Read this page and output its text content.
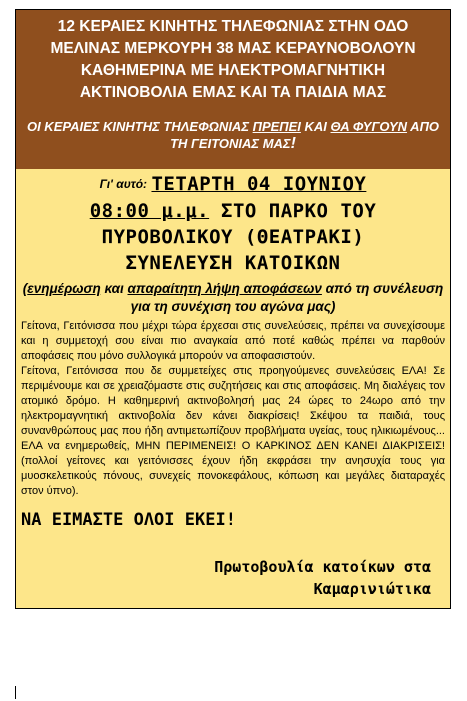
12 ΚΕΡΑΙΕΣ ΚΙΝΗΤΗΣ ΤΗΛΕΦΩΝΙΑΣ ΣΤΗΝ ΟΔΟ
ΜΕΛΙΝΑΣ ΜΕΡΚΟΥΡΗ 38 ΜΑΣ ΚΕΡΑΥΝΟΒΟΛΟΥΝ
ΚΑΘΗΜΕΡΙΝΑ ΜΕ ΗΛΕΚΤΡΟΜΑΓΝΗΤΙΚΗ
ΑΚΤΙΝΟΒΟΛΙΑ ΕΜΑΣ ΚΑΙ ΤΑ ΠΑΙΔΙΑ ΜΑΣ
ΟΙ ΚΕΡΑΙΕΣ ΚΙΝΗΤΗΣ ΤΗΛΕΦΩΝΙΑΣ ΠΡΕΠΕΙ ΚΑΙ ΘΑ ΦΥΓΟΥΝ ΑΠΟ ΤΗ ΓΕΙΤΟΝΙΑΣ ΜΑΣ!
Γι' αυτό: ΤΕΤΑΡΤΗ 04 ΙΟΥΝΙΟΥ
08:00 μ.μ. ΣΤΟ ΠΑΡΚΟ ΤΟΥ
ΠΥΡΟΒΟΛΙΚΟΥ (ΘΕΑΤΡΑΚΙ)
ΣΥΝΕΛΕΥΣΗ ΚΑΤΟΙΚΩΝ
(ενημέρωση και απαραίτητη λήψη αποφάσεων από τη συνέλευση για τη συνέχιση του αγώνα μας)

Γείτονα, Γειτόνισσα που μέχρι τώρα έρχεσαι στις συνελεύσεις, πρέπει να συνεχίσουμε και η συμμετοχή σου είναι πιο αναγκαία από ποτέ καθώς πρέπει να παρθούν αποφάσεις που μόνο συλλογικά μπορούν να αποφασιστούν.

Γείτονα, Γειτόνισσα που δε συμμετείχες στις προηγούμενες συνελεύσεις ΕΛΑ! Σε περιμένουμε και σε χρειαζόμαστε στις συζητήσεις και στις αποφάσεις. Μη διαλέγεις τον ατομικό δρόμο. Η καθημερινή ακτινοβολησή μας 24 ώρες το 24ωρο από την ηλεκτρομαγνητική ακτινοβολία δεν κάνει διακρίσεις! Σκέψου τα παιδιά, τους συνανθρώπους μας που ήδη αντιμετωπίζουν προβλήματα υγείας, τους ηλικιωμένους... ΕΛΑ να ενημερωθείς, ΜΗΝ ΠΕΡΙΜΕΝΕΙΣ! Ο ΚΑΡΚΙΝΟΣ ΔΕΝ ΚΑΝΕΙ ΔΙΑΚΡΙΣΕΙΣ! (πολλοί γείτονες και γειτόνισσες έχουν ήδη εκφράσει την ανησυχία τους για μυοσκελετικούς πόνους, συνεχείς πονοκεφάλους, κόπωση και μεγάλες διαταραχές στον ύπνο).

ΝΑ ΕΙΜΑΣΤΕ ΟΛΟΙ ΕΚΕΙ!
Πρωτοβουλία κατοίκων στα
Καμαρινιώτικα
